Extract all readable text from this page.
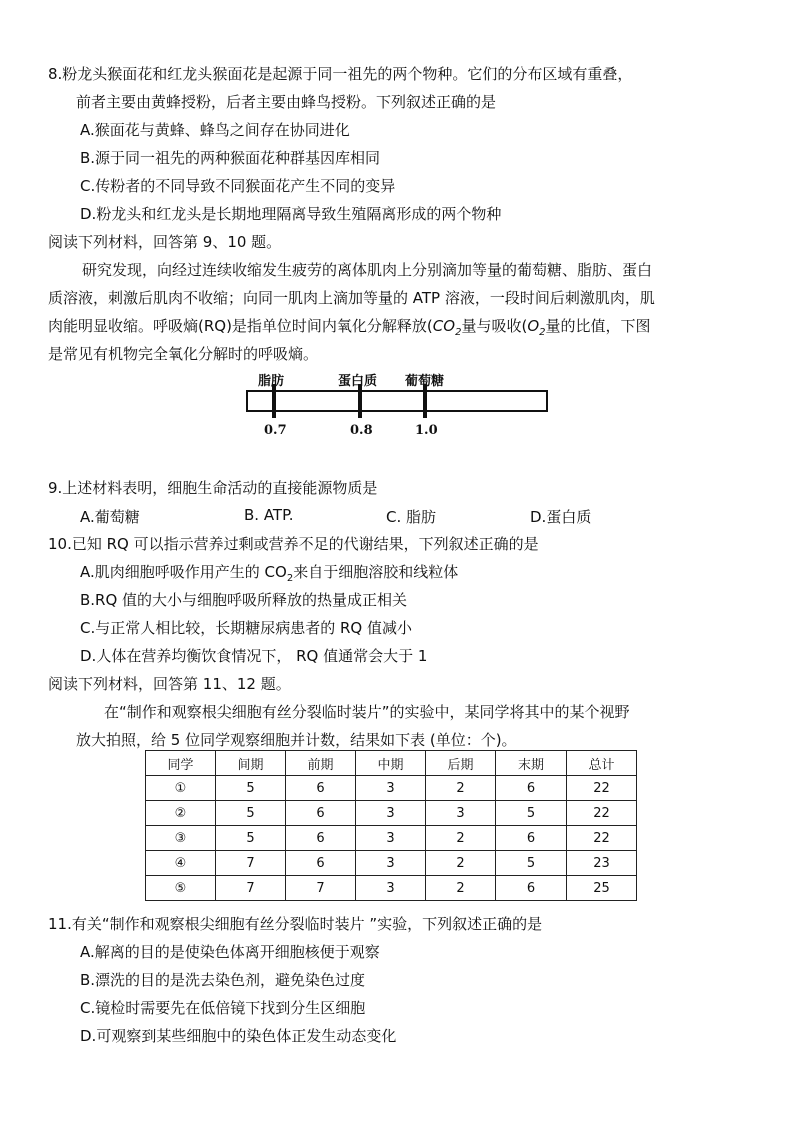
8.粉龙头猴面花和红龙头猴面花是起源于同一祖先的两个物种。它们的分布区域有重叠，
前者主要由黄蜂授粉，后者主要由蜂鸟授粉。下列叙述正确的是
A.猴面花与黄蜂、蜂鸟之间存在协同进化
B.源于同一祖先的两种猴面花种群基因库相同
C.传粉者的不同导致不同猴面花产生不同的变异
D.粉龙头和红龙头是长期地理隔离导致生殖隔离形成的两个物种
阅读下列材料，回答第 9、10 题。
研究发现，向经过连续收缩发生疲劳的离体肌肉上分别滴加等量的葡萄糖、脂肪、蛋白
质溶液，刺激后肌肉不收缩；向同一肌肉上滴加等量的 ATP 溶液，一段时间后刺激肌肉，肌
肉能明显收缩。呼吸熵(RQ)是指单位时间内氧化分解释放($CO_2$量与吸收($O_2$量的比值，下图
是常见有机物完全氧化分解时的呼吸熵。
脂肪	蛋白质 葡萄糖
0.7	0.8	1.0
9.上述材料表明，细胞生命活动的直接能源物质是
A.葡萄糖	B. ATP.	C. 脂肪	D.蛋白质
10.已知 RQ 可以指示营养过剩或营养不足的代谢结果，下列叙述正确的是
A.肌肉细胞呼吸作用产生的 $CO_2$来自于细胞溶胶和线粒体
B.RQ 值的大小与细胞呼吸所释放的热量成正相关
C.与正常人相比较，长期糖尿病患者的 RQ 值减小
D.人体在营养均衡饮食情况下， RQ 值通常会大于 1
阅读下列材料，回答第 11、12 题。
在“制作和观察根尖细胞有丝分裂临时装片”的实验中，某同学将其中的某个视野
放大拍照，给 5 位同学观察细胞并计数，结果如下表 (单位：个)。
同学	间期	前期	中期	后期	末期	总计
①	5	6	3	2	6	22
②	5	6	3	3	5	22
③	5	6	3	2	6	22
④	7	6	3	2	5	23
⑤	7	7	3	2	6	25
11.有关“制作和观察根尖细胞有丝分裂临时装片 ”实验，下列叙述正确的是
A.解离的目的是使染色体离开细胞核便于观察
B.漂洗的目的是洗去染色剂，避免染色过度
C.镜检时需要先在低倍镜下找到分生区细胞
D.可观察到某些细胞中的染色体正发生动态变化
